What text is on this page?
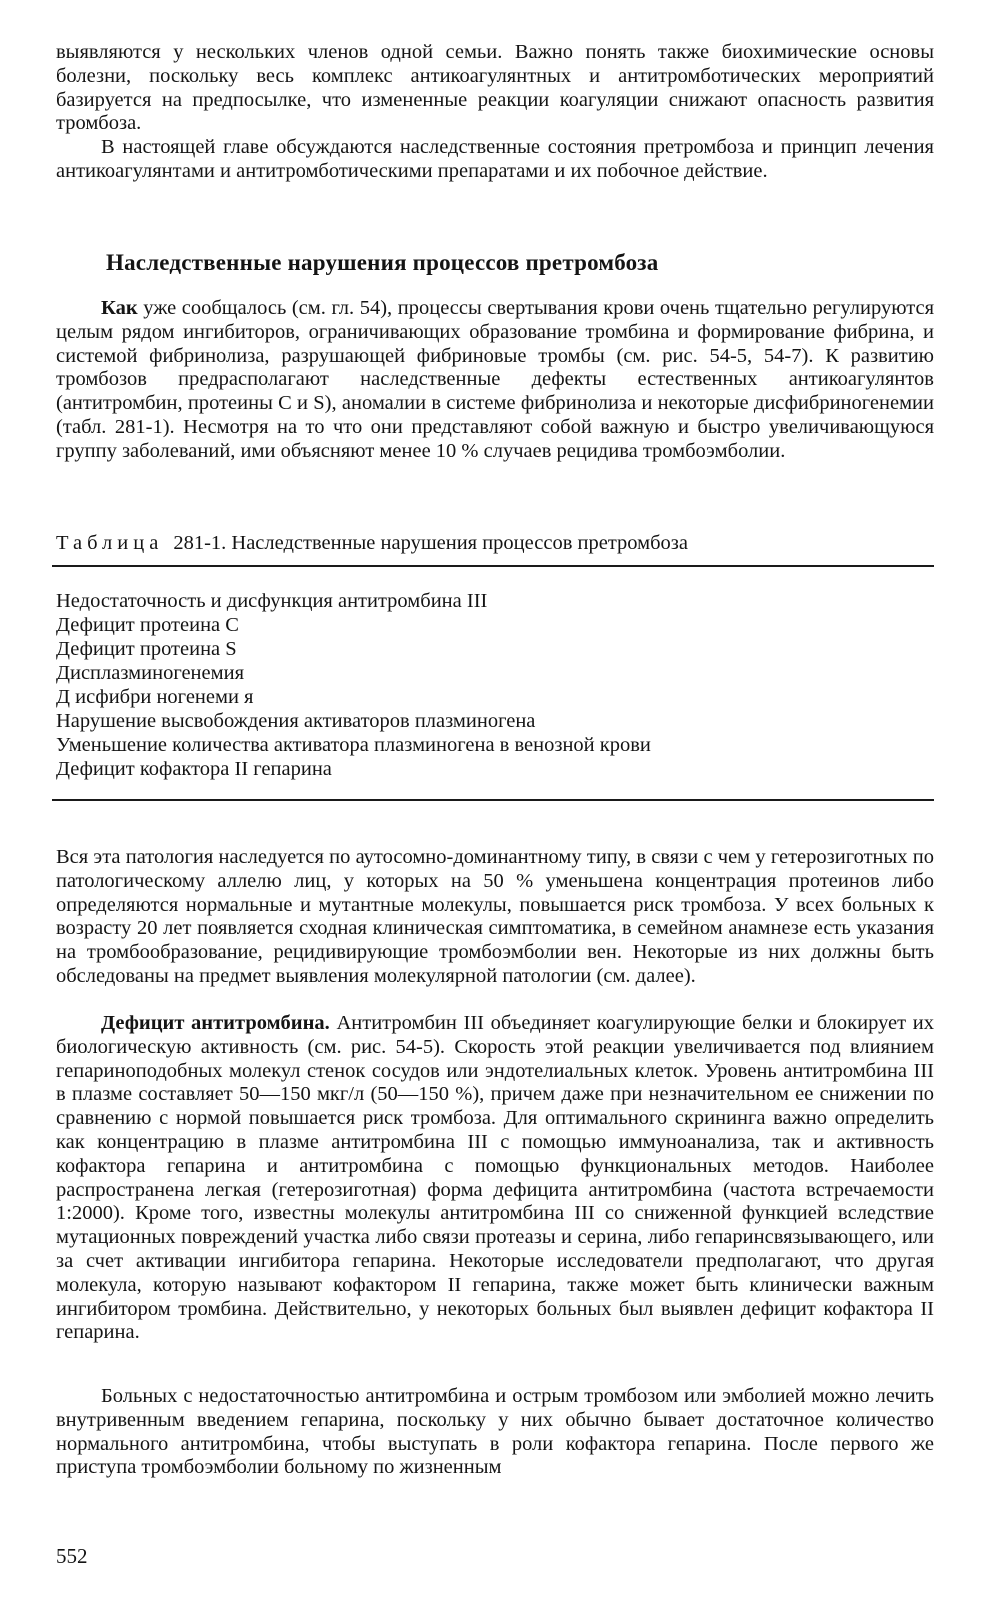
выявляются у нескольких членов одной семьи. Важно понять также биохимические основы болезни, поскольку весь комплекс антикоагулянтных и антитромботических мероприятий базируется на предпосылке, что измененные реакции коагуляции снижают опасность развития тромбоза.

В настоящей главе обсуждаются наследственные состояния претромбоза и принцип лечения антикоагулянтами и антитромботическими препаратами и их побочное действие.

Наследственные нарушения процессов претромбоза

Как уже сообщалось (см. гл. 54), процессы свертывания крови очень тщательно регулируются целым рядом ингибиторов, ограничивающих образование тромбина и формирование фибрина, и системой фибринолиза, разрушающей фибриновые тромбы (см. рис. 54-5, 54-7). К развитию тромбозов предрасполагают наследственные дефекты естественных антикоагулянтов (антитромбин, протеины С и S), аномалии в системе фибринолиза и некоторые дисфибриногенемии (табл. 281-1). Несмотря на то что они представляют собой важную и быстро увеличивающуюся группу заболеваний, ими объясняют менее 10 % случаев рецидива тромбоэмболии.

Таблица 281-1. Наследственные нарушения процессов претромбоза

Недостаточность и дисфункция антитромбина III
Дефицит протеина С
Дефицит протеина S
Дисплазминогенемия
Д исфибри ногенеми я
Нарушение высвобождения активаторов плазминогена
Уменьшение количества активатора плазминогена в венозной крови
Дефицит кофактора II гепарина

Вся эта патология наследуется по аутосомно-доминантному типу, в связи с чем у гетерозиготных по патологическому аллелю лиц, у которых на 50 % уменьшена концентрация протеинов либо определяются нормальные и мутантные молекулы, повышается риск тромбоза. У всех больных к возрасту 20 лет появляется сходная клиническая симптоматика, в семейном анамнезе есть указания на тромбообразование, рецидивирующие тромбоэмболии вен. Некоторые из них должны быть обследованы на предмет выявления молекулярной патологии (см. далее).

Дефицит антитромбина. Антитромбин III объединяет коагулирующие белки и блокирует их биологическую активность (см. рис. 54-5). Скорость этой реакции увеличивается под влиянием гепариноподобных молекул стенок сосудов или эндотелиальных клеток. Уровень антитромбина III в плазме составляет 50—150 мкг/л (50—150 %), причем даже при незначительном ее снижении по сравнению с нормой повышается риск тромбоза. Для оптимального скрининга важно определить как концентрацию в плазме антитромбина III с помощью иммуноанализа, так и активность кофактора гепарина и антитромбина с помощью функциональных методов. Наиболее распространена легкая (гетерозиготная) форма дефицита антитромбина (частота встречаемости 1:2000). Кроме того, известны молекулы антитромбина III со сниженной функцией вследствие мутационных повреждений участка либо связи протеазы и серина, либо гепаринсвязывающего, или за счет активации ингибитора гепарина. Некоторые исследователи предполагают, что другая молекула, которую называют кофактором II гепарина, также может быть клинически важным ингибитором тромбина. Действительно, у некоторых больных был выявлен дефицит кофактора II гепарина.

Больных с недостаточностью антитромбина и острым тромбозом или эмболией можно лечить внутривенным введением гепарина, поскольку у них обычно бывает достаточное количество нормального антитромбина, чтобы выступать в роли кофактора гепарина. После первого же приступа тромбоэмболии больному по жизненным

552
